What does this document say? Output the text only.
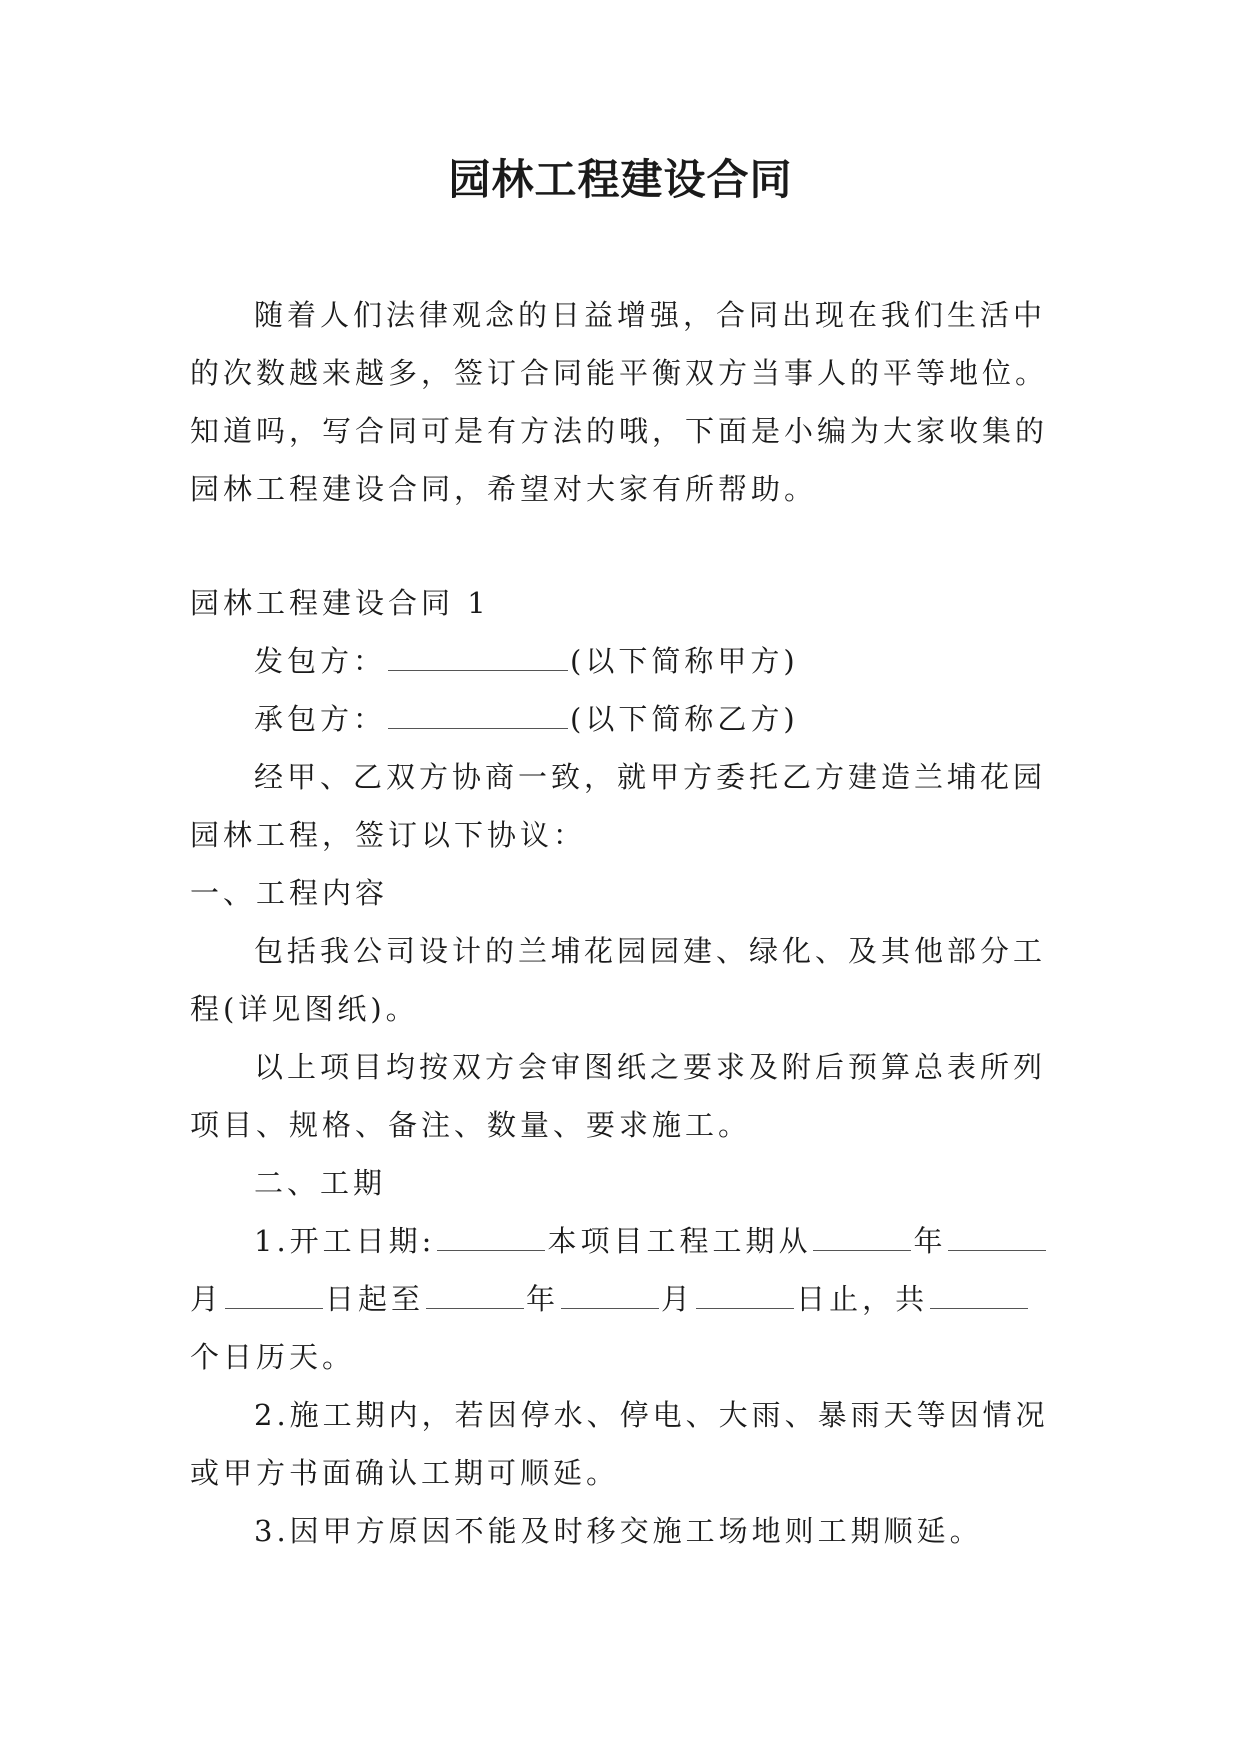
园林工程建设合同

随着人们法律观念的日益增强，合同出现在我们生活中的次数越来越多，签订合同能平衡双方当事人的平等地位。知道吗，写合同可是有方法的哦，下面是小编为大家收集的园林工程建设合同，希望对大家有所帮助。

园林工程建设合同 1

发包方：	(以下简称甲方)

承包方：	(以下简称乙方)

经甲、乙双方协商一致，就甲方委托乙方建造兰埔花园园林工程，签订以下协议：

一、工程内容

包括我公司设计的兰埔花园园建、绿化、及其他部分工程(详见图纸)。

以上项目均按双方会审图纸之要求及附后预算总表所列项目、规格、备注、数量、要求施工。

二、工期

1.开工日期:	本项目工程工期从	年月	日起至	年	月	日止，共个日历天。

2.施工期内，若因停水、停电、大雨、暴雨天等因情况或甲方书面确认工期可顺延。

3.因甲方原因不能及时移交施工场地则工期顺延。
